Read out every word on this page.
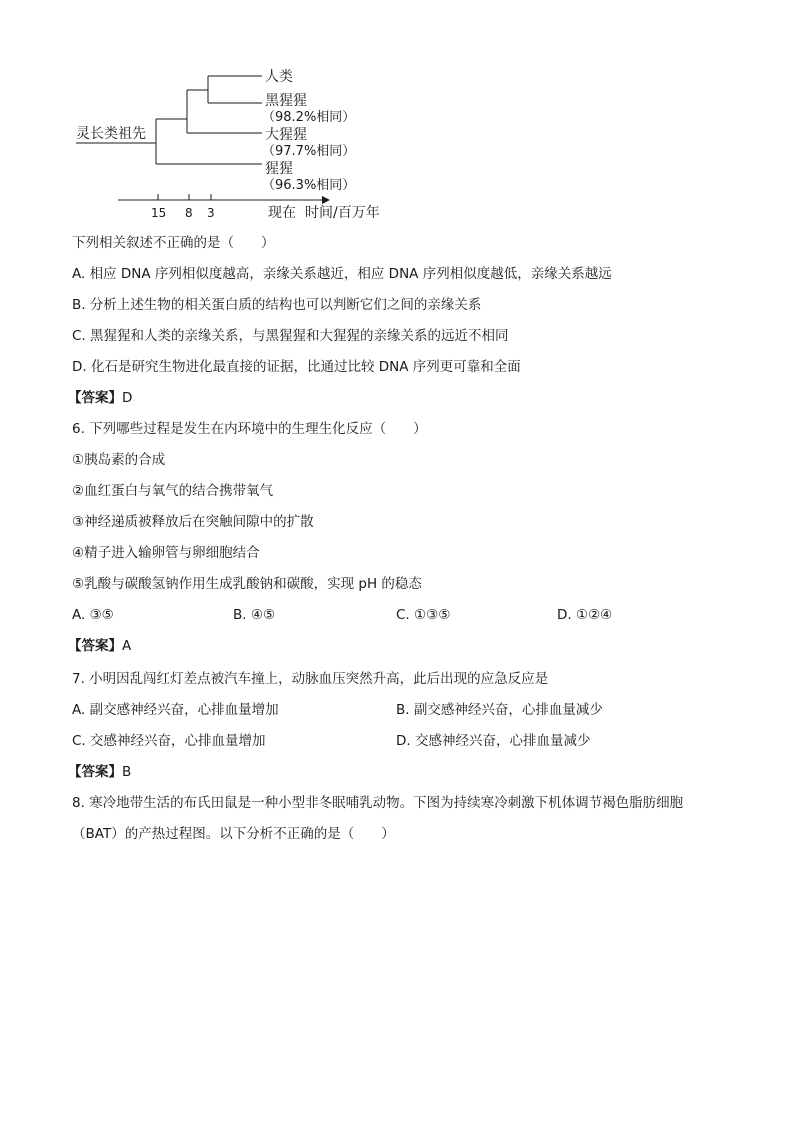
灵长类祖先
人类
黑猩猩
（98.2%相同）
大猩猩
（97.7%相同）
猩猩
（96.3%相同）
15 8 3	现在 时间/百万年
下列相关叙述不正确的是（　　）
A. 相应 DNA 序列相似度越高，亲缘关系越近，相应 DNA 序列相似度越低，亲缘关系越远
B. 分析上述生物的相关蛋白质的结构也可以判断它们之间的亲缘关系
C. 黑猩猩和人类的亲缘关系，与黑猩猩和大猩猩的亲缘关系的远近不相同
D. 化石是研究生物进化最直接的证据，比通过比较 DNA 序列更可靠和全面
【答案】D
6. 下列哪些过程是发生在内环境中的生理生化反应（　　）
①胰岛素的合成
②血红蛋白与氧气的结合携带氧气
③神经递质被释放后在突触间隙中的扩散
④精子进入输卵管与卵细胞结合
⑤乳酸与碳酸氢钠作用生成乳酸钠和碳酸，实现 pH 的稳态
A. ③⑤	B. ④⑤	C. ①③⑤	D. ①②④
【答案】A
7. 小明因乱闯红灯差点被汽车撞上，动脉血压突然升高，此后出现的应急反应是
A. 副交感神经兴奋，心排血量增加	B. 副交感神经兴奋，心排血量减少
C. 交感神经兴奋，心排血量增加	D. 交感神经兴奋，心排血量减少
【答案】B
8. 寒冷地带生活的布氏田鼠是一种小型非冬眠哺乳动物。下图为持续寒冷刺激下机体调节褐色脂肪细胞
（BAT）的产热过程图。以下分析不正确的是（　　）
